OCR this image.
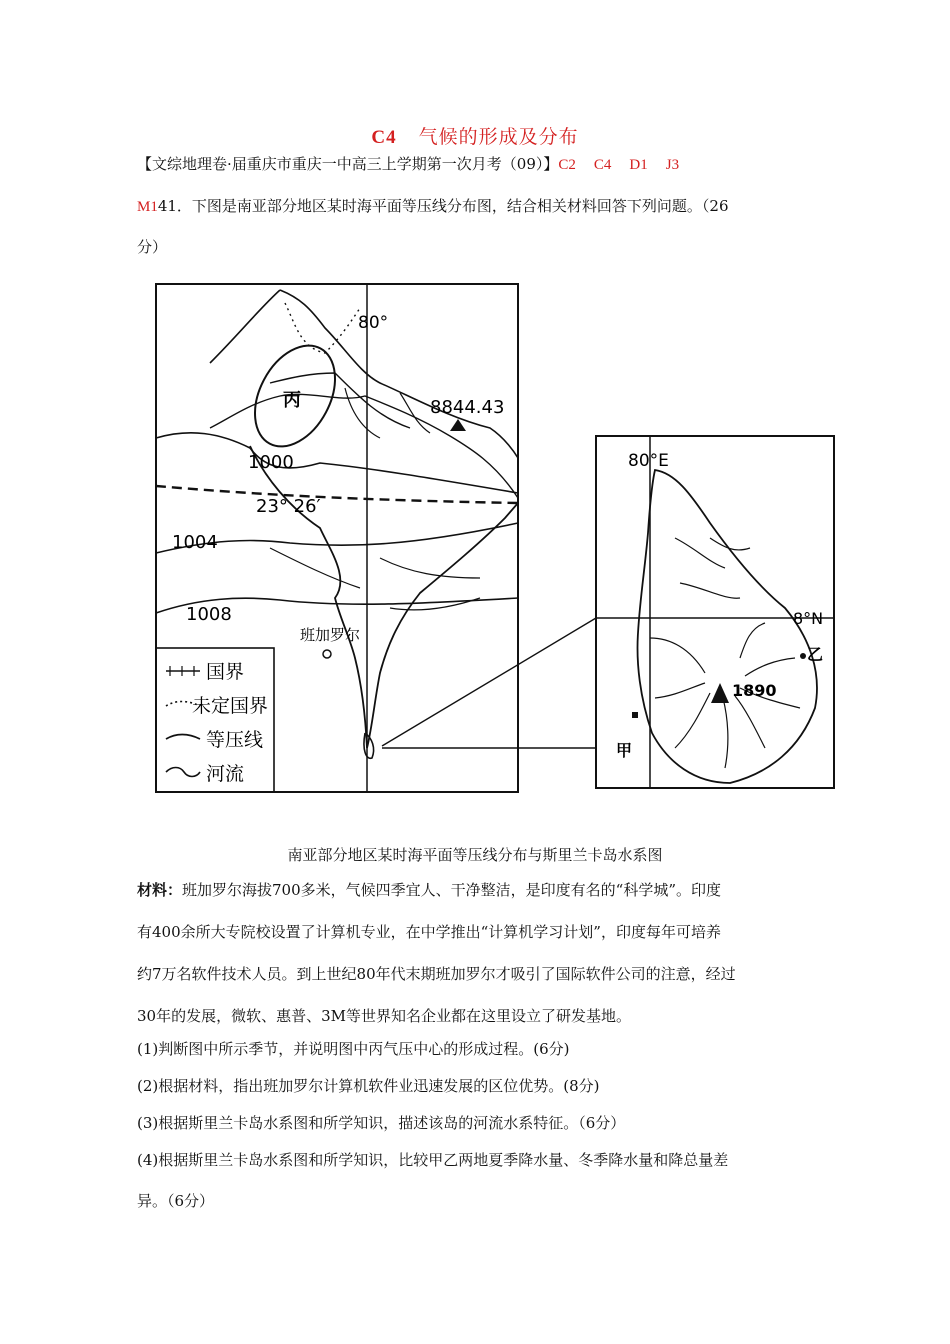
C4 气候的形成及分布
【文综地理卷·届重庆市重庆一中高三上学期第一次月考（09）】C2 C4 D1 J3
M141．下图是南亚部分地区某时海平面等压线分布图，结合相关材料回答下列问题。（26
分）
80°
丙	8844.43
1000
23° 26′
1004
1008
班加罗尔
国界
未定国界
等压线
河流
80°E
8°N
乙
1890
甲
南亚部分地区某时海平面等压线分布与斯里兰卡岛水系图
材料：班加罗尔海拔700多米，气候四季宜人、干净整洁，是印度有名的“科学城”。印度
有400余所大专院校设置了计算机专业，在中学推出“计算机学习计划”，印度每年可培养
约7万名软件技术人员。到上世纪80年代末期班加罗尔才吸引了国际软件公司的注意，经过
30年的发展，微软、惠普、3M等世界知名企业都在这里设立了研发基地。
(1)判断图中所示季节，并说明图中丙气压中心的形成过程。(6分)
(2)根据材料，指出班加罗尔计算机软件业迅速发展的区位优势。(8分)
(3)根据斯里兰卡岛水系图和所学知识，描述该岛的河流水系特征。（6分）
(4)根据斯里兰卡岛水系图和所学知识，比较甲乙两地夏季降水量、冬季降水量和降总量差
异。（6分）
